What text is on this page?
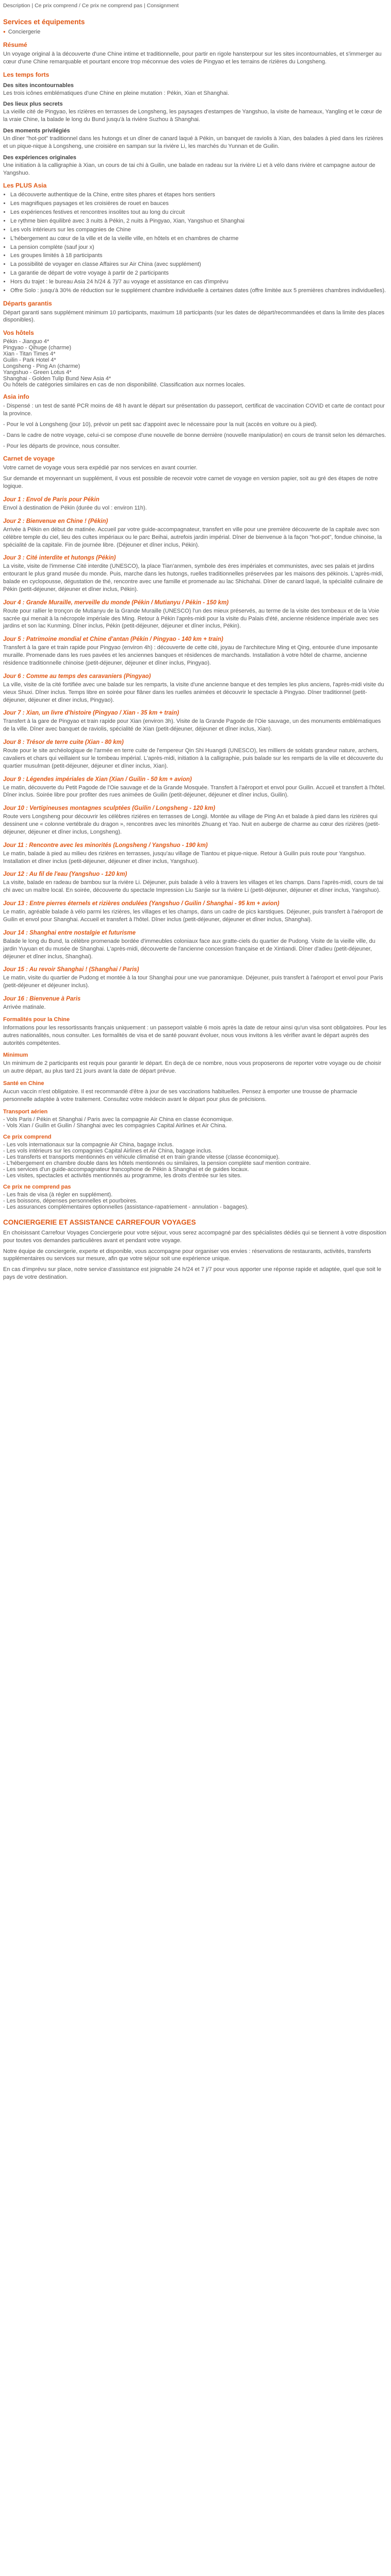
Description | Ce prix comprend / Ce prix ne comprend pas | Consignment
Services et équipements
● Conciergerie
Résumé

Un voyage original à la découverte d'une Chine intime et traditionnelle, pour partir en rigole hansterpour sur les sites incontournables, et s'immerger au cœur d'une Chine remarquable et pourtant encore trop méconnue des voies de Pingyao et les terrains de rizières du Longsheng.

Les temps forts
Des sites incontournables

Les trois icônes emblématiques d'une Chine en pleine mutation : Pékin, Xian et Shanghai.

Des lieux plus secrets

La vieille cité de Pingyao, les rizières en terrasses de Longsheng, les paysages d'estampes de Yangshuo, la visite de hameaux, Yangling et le cœur de la vraie Chine, la balade le long du Bund jusqu'à la rivière Suzhou à Shanghai.

Des moments privilégiés

Un dîner "hot-pot" traditionnel dans les hutongs et un dîner de canard laqué à Pékin, un banquet de raviolis à Xian, des balades à pied dans les rizières et un pique-nique à Longsheng, une croisière en sampan sur la rivière Li, les marchés du Yunnan et de Guilin.

Des expériences originales

Une initiation à la calligraphie à Xian, un cours de tai chi à Guilin, une balade en radeau sur la rivière Li et à vélo dans rivière et campagne autour de Yangshuo.

Les PLUS Asia
• La découverte authentique de la Chine, entre sites phares et étapes hors sentiers
• Les magnifiques paysages et les croisières de rouet en bauces
• Les expériences festives et rencontres insolites tout au long du circuit
• Le rythme bien équilibré avec 3 nuits à Pékin, 2 nuits à Pingyao, Xian, Yangshuo et Shanghai
• Les vols intérieurs sur les compagnies de Chine
• L'hébergement au cœur de la ville et de la vieille ville, en hôtels et en chambres de charme
• La pension complète (sauf jour x)
• Les groupes limités à 18 participants
• La possibilité de voyager en classe Affaires sur Air China (avec supplément)
• La garantie de départ de votre voyage à partir de 2 participants
• Hors du trajet : le bureau Asia 24 h/24 & 7j/7 au voyage et assistance en cas d'imprévu
• Offre Solo : jusqu'à 30% de réduction sur le supplément chambre individuelle à certaines dates (offre limitée aux 5 premières chambres individuelles).
Départs garantis

Départ garanti sans supplément minimum 10 participants, maximum 18 participants (sur les dates de départ/recommandées et dans la limite des places disponibles).

Vos hôtels
Pékin - Jianguo 4*
Pingyao - Qihuge (charme)
Xian - Titan Times 4*
Guilin - Park Hotel 4*
Longsheng - Ping An (charme)
Yangshuo - Green Lotus 4*
Shanghai - Golden Tulip Bund New Asia 4*
Ou hôtels de catégories similaires en cas de non disponibilité. Classification aux normes locales.
Asia info

- Dispensé : un test de santé PCR moins de 48 h avant le départ sur présentation du passeport, certificat de vaccination COVID et carte de contact pour la province.

- Pour le vol à Longsheng (jour 10), prévoir un petit sac d'appoint avec le nécessaire pour la nuit (accès en voiture ou à pied).

- Dans le cadre de notre voyage, celui-ci se compose d'une nouvelle de bonne dernière (nouvelle manipulation) en cours de transit selon les démarches.

- Pour les départs de province, nous consulter.

Carnet de voyage

Votre carnet de voyage vous sera expédié par nos services en avant courrier.

Sur demande et moyennant un supplément, il vous est possible de recevoir votre carnet de voyage en version papier, soit au gré des étapes de notre logique.

Jour 1 : Envol de Paris pour Pékin

Envol à destination de Pékin (durée du vol : environ 11h).

Jour 2 : Bienvenue en Chine ! (Pékin)

Arrivée à Pékin en début de matinée. Accueil par votre guide-accompagnateur, transfert en ville pour une première découverte de la capitale avec son célèbre temple du ciel, lieu des cultes impériaux ou le parc Beihai, autrefois jardin impérial. Dîner de bienvenue à la façon "hot-pot", fondue chinoise, la spécialité de la capitale. Fin de journée libre. (Déjeuner et dîner inclus, Pékin).

Jour 3 : Cité interdite et hutongs (Pékin)

La visite, visite de l'immense Cité interdite (UNESCO), la place Tian'anmen, symbole des ères impériales et communistes, avec ses palais et jardins entourant le plus grand musée du monde. Puis, marche dans les hutongs, ruelles traditionnelles préservées par les maisons des pékinois. L'après-midi, balade en cyclopousse, dégustation de thé, rencontre avec une famille et promenade au lac Shichahai. Dîner de canard laqué, la spécialité culinaire de Pékin (petit-déjeuner, déjeuner et dîner inclus, Pékin).

Jour 4 : Grande Muraille, merveille du monde (Pékin / Mutianyu / Pékin - 150 km)

Route pour rallier le tronçon de Mutianyu de la Grande Muraille (UNESCO) l'un des mieux préservés, au terme de la visite des tombeaux et de la Voie sacrée qui menait à la nécropole impériale des Ming. Retour à Pékin l'après-midi pour la visite du Palais d'été, ancienne résidence impériale avec ses jardins et son lac Kunming. Dîner inclus, Pékin (petit-déjeuner, déjeuner et dîner inclus, Pékin).

Jour 5 : Patrimoine mondial et Chine d'antan (Pékin / Pingyao - 140 km + train)

Transfert à la gare et train rapide pour Pingyao (environ 4h) : découverte de cette cité, joyau de l'architecture Ming et Qing, entourée d'une imposante muraille. Promenade dans les rues pavées et les anciennes banques et résidences de marchands. Installation à votre hôtel de charme, ancienne résidence traditionnelle chinoise (petit-déjeuner, déjeuner et dîner inclus, Pingyao).

Jour 6 : Comme au temps des caravaniers (Pingyao)

La ville, visite de la cité fortifiée avec une balade sur les remparts, la visite d'une ancienne banque et des temples les plus anciens, l'après-midi visite du vieux Shuxi. Dîner inclus. Temps libre en soirée pour flâner dans les ruelles animées et découvrir le spectacle à Pingyao. Dîner traditionnel (petit-déjeuner, déjeuner et dîner inclus, Pingyao).

Jour 7 : Xian, un livre d'histoire (Pingyao / Xian - 35 km + train)

Transfert à la gare de Pingyao et train rapide pour Xian (environ 3h). Visite de la Grande Pagode de l'Oie sauvage, un des monuments emblématiques de la ville. Dîner avec banquet de raviolis, spécialité de Xian (petit-déjeuner, déjeuner et dîner inclus, Xian).

Jour 8 : Trésor de terre cuite (Xian - 80 km)

Route pour le site archéologique de l'armée en terre cuite de l'empereur Qin Shi Huangdi (UNESCO), les milliers de soldats grandeur nature, archers, cavaliers et chars qui veillaient sur le tombeau impérial. L'après-midi, initiation à la calligraphie, puis balade sur les remparts de la ville et découverte du quartier musulman (petit-déjeuner, déjeuner et dîner inclus, Xian).

Jour 9 : Légendes impériales de Xian (Xian / Guilin - 50 km + avion)

Le matin, découverte du Petit Pagode de l'Oie sauvage et de la Grande Mosquée. Transfert à l'aéroport et envol pour Guilin. Accueil et transfert à l'hôtel. Dîner inclus. Soirée libre pour profiter des rues animées de Guilin (petit-déjeuner, déjeuner et dîner inclus, Guilin).

Jour 10 : Vertigineuses montagnes sculptées (Guilin / Longsheng - 120 km)

Route vers Longsheng pour découvrir les célèbres rizières en terrasses de Longji. Montée au village de Ping An et balade à pied dans les rizières qui dessinent une « colonne vertébrale du dragon », rencontres avec les minorités Zhuang et Yao. Nuit en auberge de charme au cœur des rizières (petit-déjeuner, déjeuner et dîner inclus, Longsheng).

Jour 11 : Rencontre avec les minorités (Longsheng / Yangshuo - 190 km)

Le matin, balade à pied au milieu des rizières en terrasses, jusqu'au village de Tiantou et pique-nique. Retour à Guilin puis route pour Yangshuo. Installation et dîner inclus (petit-déjeuner, déjeuner et dîner inclus, Yangshuo).

Jour 12 : Au fil de l'eau (Yangshuo - 120 km)

La visite, balade en radeau de bambou sur la rivière Li. Déjeuner, puis balade à vélo à travers les villages et les champs. Dans l'après-midi, cours de tai chi avec un maître local. En soirée, découverte du spectacle Impression Liu Sanjie sur la rivière Li (petit-déjeuner, déjeuner et dîner inclus, Yangshuo).

Jour 13 : Entre pierres éternels et rizières ondulées (Yangshuo / Guilin / Shanghai - 95 km + avion)

Le matin, agréable balade à vélo parmi les rizières, les villages et les champs, dans un cadre de pics karstiques. Déjeuner, puis transfert à l'aéroport de Guilin et envol pour Shanghai. Accueil et transfert à l'hôtel. Dîner inclus (petit-déjeuner, déjeuner et dîner inclus, Shanghai).

Jour 14 : Shanghai entre nostalgie et futurisme

Balade le long du Bund, la célèbre promenade bordée d'immeubles coloniaux face aux gratte-ciels du quartier de Pudong. Visite de la vieille ville, du jardin Yuyuan et du musée de Shanghai. L'après-midi, découverte de l'ancienne concession française et de Xintiandi. Dîner d'adieu (petit-déjeuner, déjeuner et dîner inclus, Shanghai).

Jour 15 : Au revoir Shanghai ! (Shanghai / Paris)

Le matin, visite du quartier de Pudong et montée à la tour Shanghai pour une vue panoramique. Déjeuner, puis transfert à l'aéroport et envol pour Paris (petit-déjeuner et déjeuner inclus).

Jour 16 : Bienvenue à Paris

Arrivée matinale.

Formalités pour la Chine

Informations pour les ressortissants français uniquement : un passeport valable 6 mois après la date de retour ainsi qu'un visa sont obligatoires. Pour les autres nationalités, nous consulter. Les formalités de visa et de santé pouvant évoluer, nous vous invitons à les vérifier avant le départ auprès des autorités compétentes.

Minimum

Un minimum de 2 participants est requis pour garantir le départ. En deçà de ce nombre, nous vous proposerons de reporter votre voyage ou de choisir un autre départ, au plus tard 21 jours avant la date de départ prévue.

Santé en Chine

Aucun vaccin n'est obligatoire. Il est recommandé d'être à jour de ses vaccinations habituelles. Pensez à emporter une trousse de pharmacie personnelle adaptée à votre traitement. Consultez votre médecin avant le départ pour plus de précisions.

Transport aérien
- Vols Paris / Pékin et Shanghai / Paris avec la compagnie Air China en classe économique.
- Vols Xian / Guilin et Guilin / Shanghai avec les compagnies Capital Airlines et Air China.
Ce prix comprend
- Les vols internationaux sur la compagnie Air China, bagage inclus.
- Les vols intérieurs sur les compagnies Capital Airlines et Air China, bagage inclus.
- Les transferts et transports mentionnés en véhicule climatisé et en train grande vitesse (classe économique).
- L'hébergement en chambre double dans les hôtels mentionnés ou similaires, la pension complète sauf mention contraire.
- Les services d'un guide-accompagnateur francophone de Pékin à Shanghai et de guides locaux.
- Les visites, spectacles et activités mentionnés au programme, les droits d'entrée sur les sites.
Ce prix ne comprend pas
- Les frais de visa (à régler en supplément).
- Les boissons, dépenses personnelles et pourboires.
- Les assurances complémentaires optionnelles (assistance-rapatriement - annulation - bagages).
CONCIERGERIE ET ASSISTANCE CARREFOUR VOYAGES

En choisissant Carrefour Voyages Conciergerie pour votre séjour, vous serez accompagné par des spécialistes dédiés qui se tiennent à votre disposition pour toutes vos demandes particulières avant et pendant votre voyage.

Notre équipe de conciergerie, experte et disponible, vous accompagne pour organiser vos envies : réservations de restaurants, activités, transferts supplémentaires ou services sur mesure, afin que votre séjour soit une expérience unique.

En cas d'imprévu sur place, notre service d'assistance est joignable 24 h/24 et 7 j/7 pour vous apporter une réponse rapide et adaptée, quel que soit le pays de votre destination.
